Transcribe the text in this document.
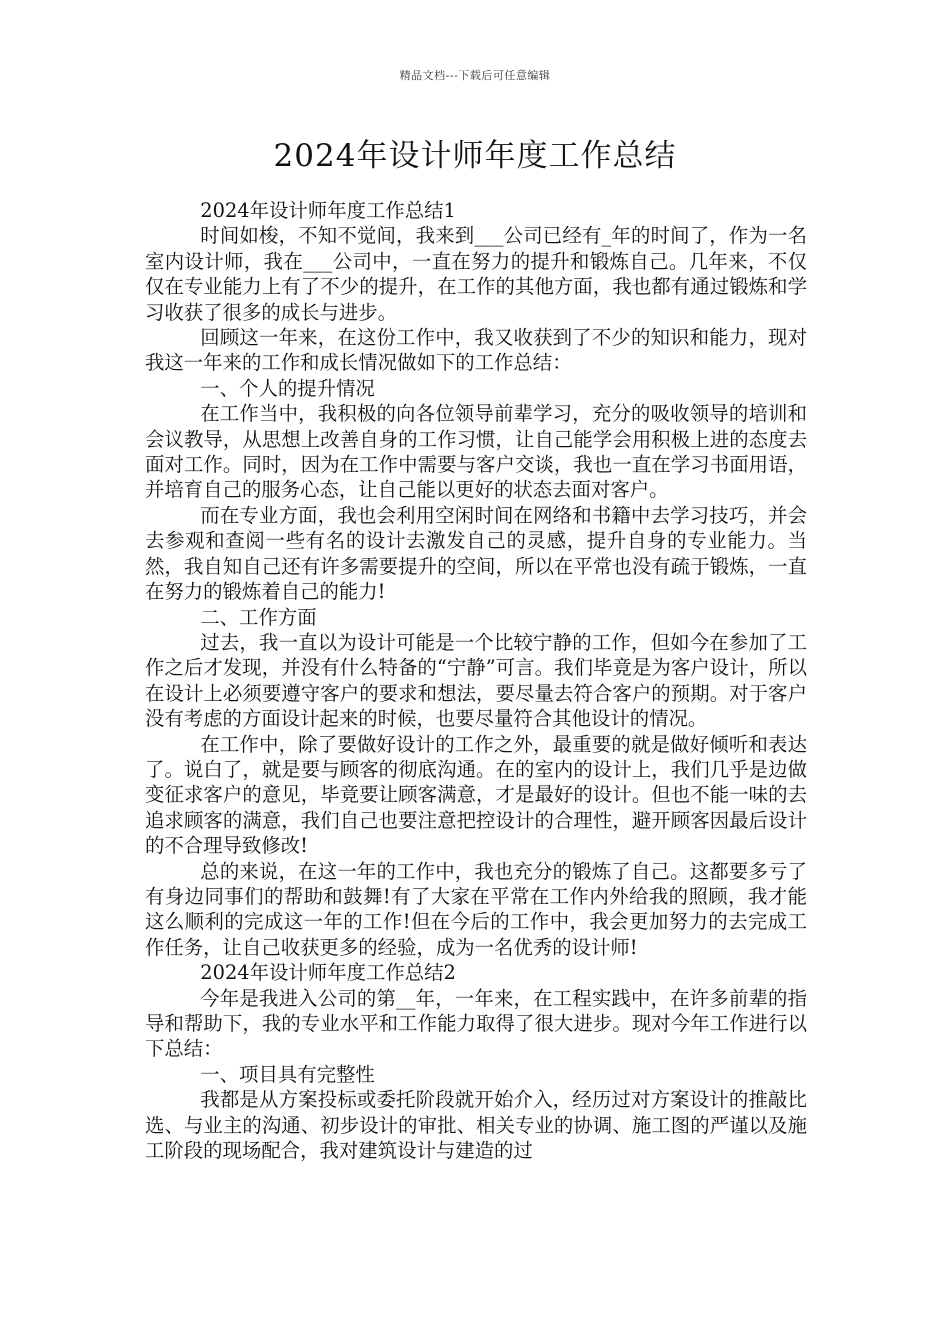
精品文档---下载后可任意编辑
2024年设计师年度工作总结

2024年设计师年度工作总结1

时间如梭，不知不觉间，我来到___公司已经有_年的时间了，作为一名室内设计师，我在___公司中，一直在努力的提升和锻炼自己。几年来，不仅仅在专业能力上有了不少的提升，在工作的其他方面，我也都有通过锻炼和学习收获了很多的成长与进步。

回顾这一年来，在这份工作中，我又收获到了不少的知识和能力，现对我这一年来的工作和成长情况做如下的工作总结：

一、个人的提升情况

在工作当中，我积极的向各位领导前辈学习，充分的吸收领导的培训和会议教导，从思想上改善自身的工作习惯，让自己能学会用积极上进的态度去面对工作。同时，因为在工作中需要与客户交谈，我也一直在学习书面用语，并培育自己的服务心态，让自己能以更好的状态去面对客户。

而在专业方面，我也会利用空闲时间在网络和书籍中去学习技巧，并会去参观和查阅一些有名的设计去激发自己的灵感，提升自身的专业能力。当然，我自知自己还有许多需要提升的空间，所以在平常也没有疏于锻炼，一直在努力的锻炼着自己的能力!

二、工作方面

过去，我一直以为设计可能是一个比较宁静的工作，但如今在参加了工作之后才发现，并没有什么特备的“宁静”可言。我们毕竟是为客户设计，所以在设计上必须要遵守客户的要求和想法，要尽量去符合客户的预期。对于客户没有考虑的方面设计起来的时候，也要尽量符合其他设计的情况。

在工作中，除了要做好设计的工作之外，最重要的就是做好倾听和表达了。说白了，就是要与顾客的彻底沟通。在的室内的设计上，我们几乎是边做变征求客户的意见，毕竟要让顾客满意，才是最好的设计。但也不能一味的去追求顾客的满意，我们自己也要注意把控设计的合理性，避开顾客因最后设计的不合理导致修改!

总的来说，在这一年的工作中，我也充分的锻炼了自己。这都要多亏了有身边同事们的帮助和鼓舞!有了大家在平常在工作内外给我的照顾，我才能这么顺利的完成这一年的工作!但在今后的工作中，我会更加努力的去完成工作任务，让自己收获更多的经验，成为一名优秀的设计师!

2024年设计师年度工作总结2

今年是我进入公司的第__年，一年来，在工程实践中，在许多前辈的指导和帮助下，我的专业水平和工作能力取得了很大进步。现对今年工作进行以下总结：

一、项目具有完整性

我都是从方案投标或委托阶段就开始介入，经历过对方案设计的推敲比选、与业主的沟通、初步设计的审批、相关专业的协调、施工图的严谨以及施工阶段的现场配合，我对建筑设计与建造的过
